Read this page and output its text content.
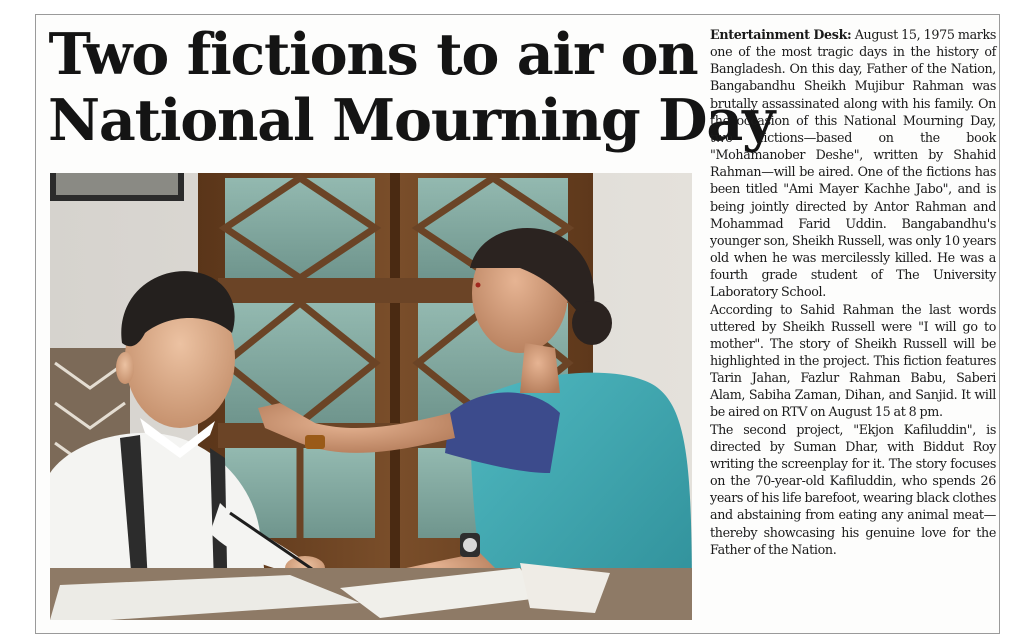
Two fictions to air on
National Mourning Day

Entertainment Desk: August 15, 1975 marks one of the most tragic days in the history of Bangladesh. On this day, Father of the Nation, Bangabandhu Sheikh Mujibur Rahman was brutally assassinated along with his family. On the occasion of this National Mourning Day, two fictions—based on the book "Mohamanober Deshe", written by Shahid Rahman—will be aired. One of the fictions has been titled "Ami Mayer Kachhe Jabo", and is being jointly directed by Antor Rahman and Mohammad Farid Uddin. Bangabandhu's younger son, Sheikh Russell, was only 10 years old when he was mercilessly killed. He was a fourth grade student of The University Laboratory School.

According to Sahid Rahman the last words uttered by Sheikh Russell were "I will go to mother". The story of Sheikh Russell will be highlighted in the project. This fiction features Tarin Jahan, Fazlur Rahman Babu, Saberi Alam, Sabiha Zaman, Dihan, and Sanjid. It will be aired on RTV on August 15 at 8 pm.

The second project, "Ekjon Kafiluddin", is directed by Suman Dhar, with Biddut Roy writing the screenplay for it. The story focuses on the 70-year-old Kafiluddin, who spends 26 years of his life barefoot, wearing black clothes and abstaining from eating any animal meat—thereby showcasing his genuine love for the Father of the Nation.
